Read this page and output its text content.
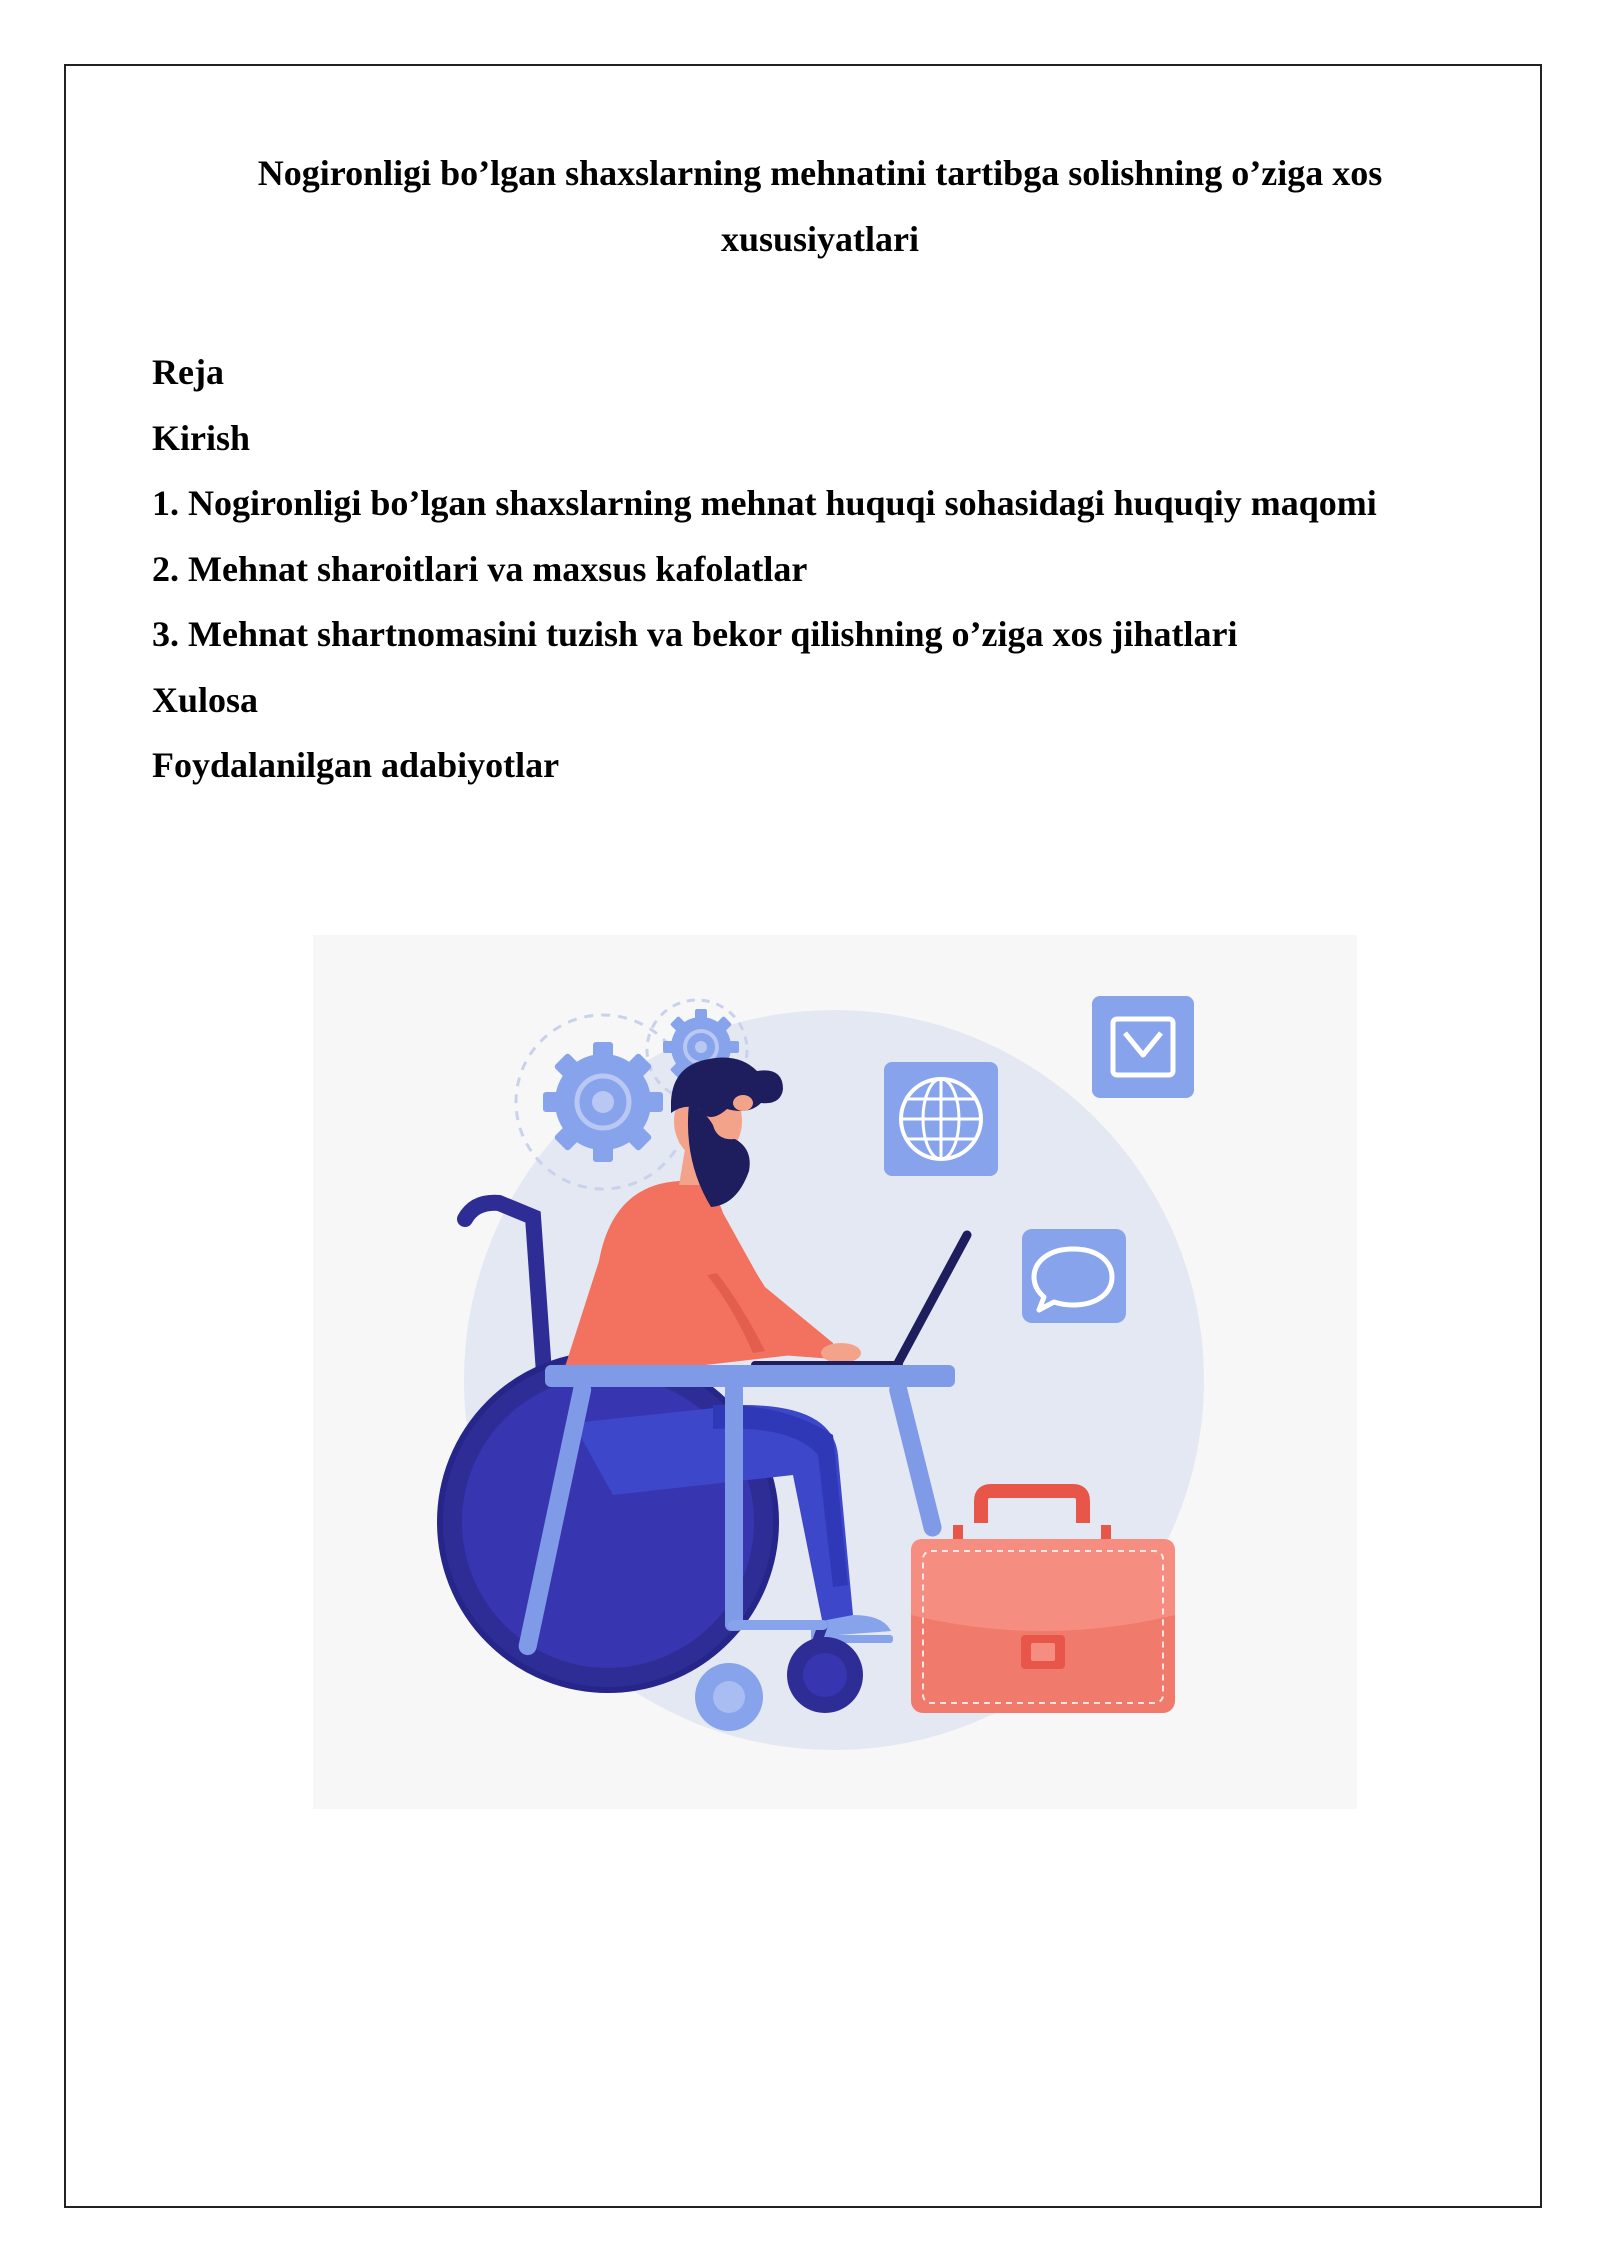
Nogironligi bo’lgan shaxslarning mehnatini tartibga solishning o’ziga xos
xususiyatlari
Reja
Kirish
1. Nogironligi bo’lgan shaxslarning mehnat huquqi sohasidagi huquqiy maqomi
2. Mehnat sharoitlari va maxsus kafolatlar
3. Mehnat shartnomasini tuzish va bekor qilishning o’ziga xos jihatlari
Xulosa
Foydalanilgan adabiyotlar
